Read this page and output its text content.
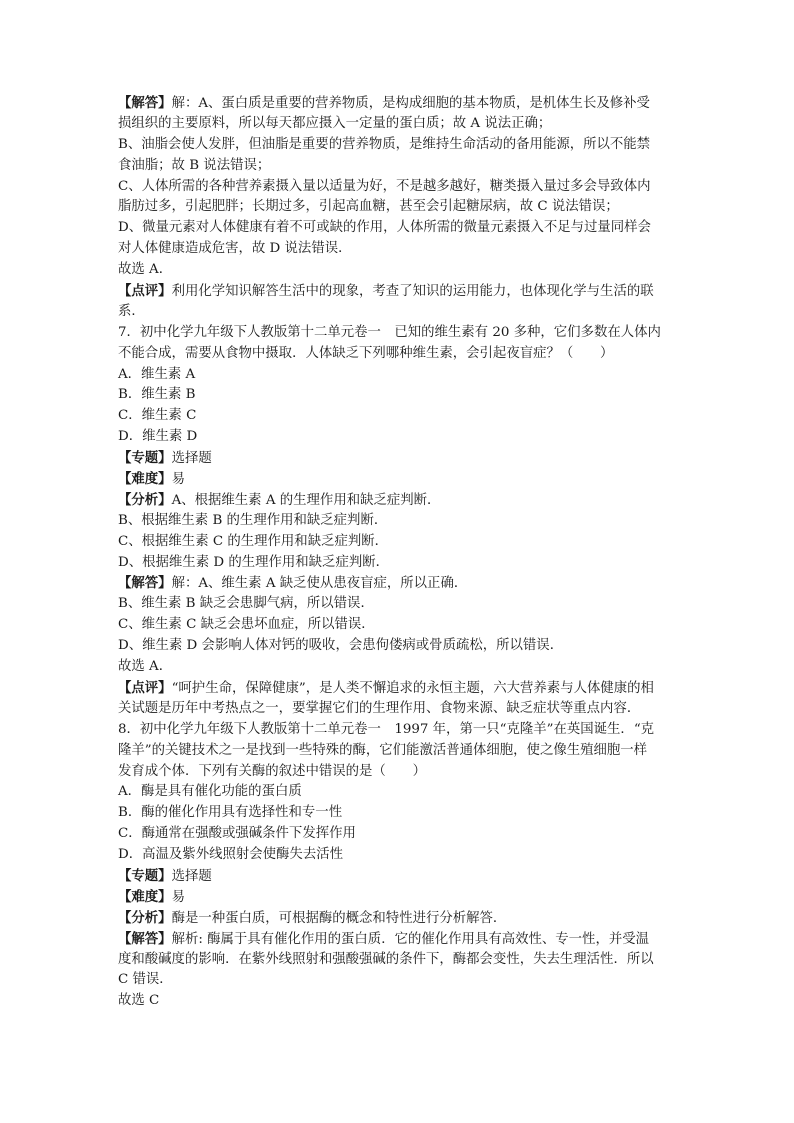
【解答】解：A、蛋白质是重要的营养物质，是构成细胞的基本物质，是机体生长及修补受
损组织的主要原料，所以每天都应摄入一定量的蛋白质；故 A 说法正确；
B、油脂会使人发胖，但油脂是重要的营养物质，是维持生命活动的备用能源，所以不能禁
食油脂；故 B 说法错误；
C、人体所需的各种营养素摄入量以适量为好，不是越多越好，糖类摄入量过多会导致体内
脂肪过多，引起肥胖；长期过多，引起高血糖，甚至会引起糖尿病，故 C 说法错误；
D、微量元素对人体健康有着不可或缺的作用，人体所需的微量元素摄入不足与过量同样会
对人体健康造成危害，故 D 说法错误．
故选 A．
【点评】利用化学知识解答生活中的现象，考查了知识的运用能力，也体现化学与生活的联
系．
7．初中化学九年级下人教版第十二单元卷一　已知的维生素有 20 多种，它们多数在人体内
不能合成，需要从食物中摄取．人体缺乏下列哪种维生素，会引起夜盲症？（　　）
A．维生素 A
B．维生素 B
C．维生素 C
D．维生素 D
【专题】选择题
【难度】易
【分析】A、根据维生素 A 的生理作用和缺乏症判断．
B、根据维生素 B 的生理作用和缺乏症判断．
C、根据维生素 C 的生理作用和缺乏症判断．
D、根据维生素 D 的生理作用和缺乏症判断．
【解答】解：A、维生素 A 缺乏使从患夜盲症，所以正确．
B、维生素 B 缺乏会患脚气病，所以错误．
C、维生素 C 缺乏会患坏血症，所以错误．
D、维生素 D 会影响人体对钙的吸收，会患佝偻病或骨质疏松，所以错误．
故选 A．
【点评】“呵护生命，保障健康”，是人类不懈追求的永恒主题，六大营养素与人体健康的相
关试题是历年中考热点之一，要掌握它们的生理作用、食物来源、缺乏症状等重点内容．
8．初中化学九年级下人教版第十二单元卷一　1997 年，第一只“克隆羊”在英国诞生．“克
隆羊”的关键技术之一是找到一些特殊的酶，它们能激活普通体细胞，使之像生殖细胞一样
发育成个体．下列有关酶的叙述中错误的是（　　）
A．酶是具有催化功能的蛋白质
B．酶的催化作用具有选择性和专一性
C．酶通常在强酸或强碱条件下发挥作用
D．高温及紫外线照射会使酶失去活性
【专题】选择题
【难度】易
【分析】酶是一种蛋白质，可根据酶的概念和特性进行分析解答．
【解答】解析: 酶属于具有催化作用的蛋白质．它的催化作用具有高效性、专一性，并受温
度和酸碱度的影响．在紫外线照射和强酸强碱的条件下，酶都会变性，失去生理活性．所以
C 错误．
故选 C
